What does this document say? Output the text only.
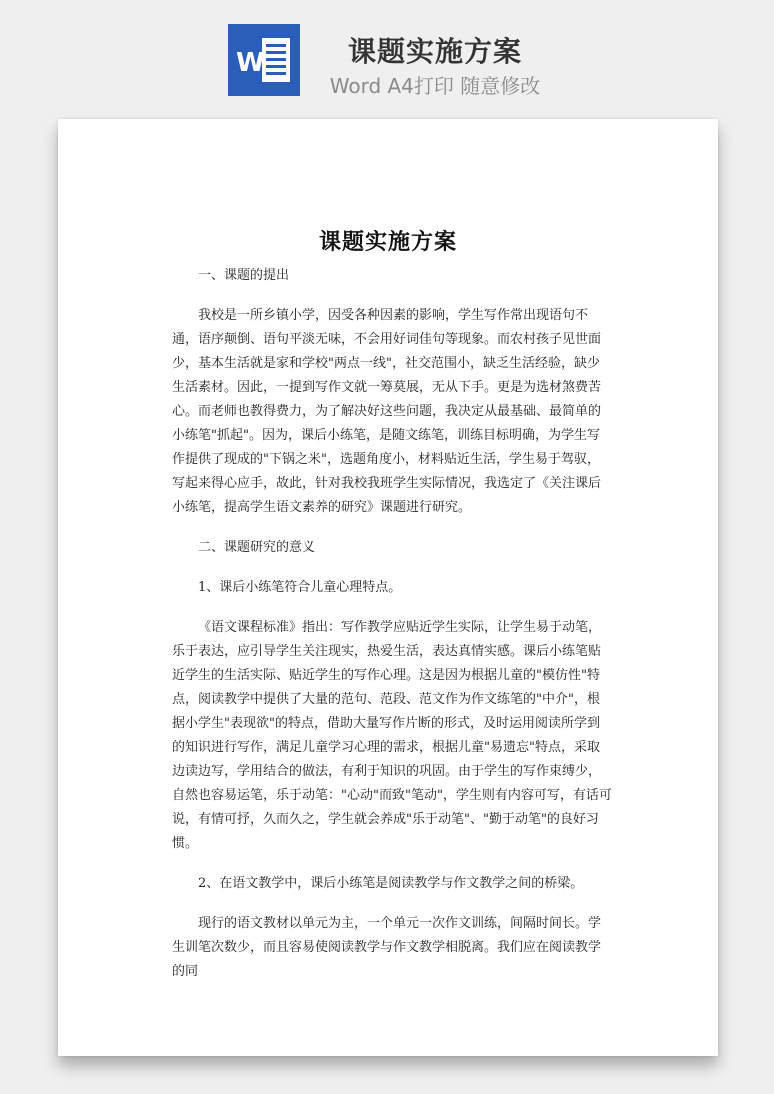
W	课题实施方案
Word A4打印 随意修改
课题实施方案

一、课题的提出

我校是一所乡镇小学，因受各种因素的影响，学生写作常出现语句不通，语序颠倒、语句平淡无味，不会用好词佳句等现象。而农村孩子见世面少，基本生活就是家和学校"两点一线"，社交范围小，缺乏生活经验，缺少生活素材。因此，一提到写作文就一筹莫展，无从下手。更是为选材煞费苦心。而老师也教得费力，为了解决好这些问题，我决定从最基础、最简单的小练笔"抓起"。因为，课后小练笔，是随文练笔，训练目标明确，为学生写作提供了现成的"下锅之米"，选题角度小，材料贴近生活，学生易于驾驭，写起来得心应手，故此，针对我校我班学生实际情况，我选定了《关注课后小练笔，提高学生语文素养的研究》课题进行研究。

二、课题研究的意义

1、课后小练笔符合儿童心理特点。

《语文课程标准》指出：写作教学应贴近学生实际，让学生易于动笔，乐于表达，应引导学生关注现实，热爱生活，表达真情实感。课后小练笔贴近学生的生活实际、贴近学生的写作心理。这是因为根据儿童的"模仿性"特点，阅读教学中提供了大量的范句、范段、范文作为作文练笔的"中介"，根据小学生"表现欲"的特点，借助大量写作片断的形式，及时运用阅读所学到的知识进行写作，满足儿童学习心理的需求，根据儿童"易遗忘"特点，采取边读边写，学用结合的做法，有利于知识的巩固。由于学生的写作束缚少，自然也容易运笔，乐于动笔："心动"而致"笔动"，学生则有内容可写，有话可说，有情可抒，久而久之，学生就会养成"乐于动笔"、"勤于动笔"的良好习惯。

2、在语文教学中，课后小练笔是阅读教学与作文教学之间的桥梁。

现行的语文教材以单元为主，一个单元一次作文训练，间隔时间长。学生训笔次数少，而且容易使阅读教学与作文教学相脱离。我们应在阅读教学的同
